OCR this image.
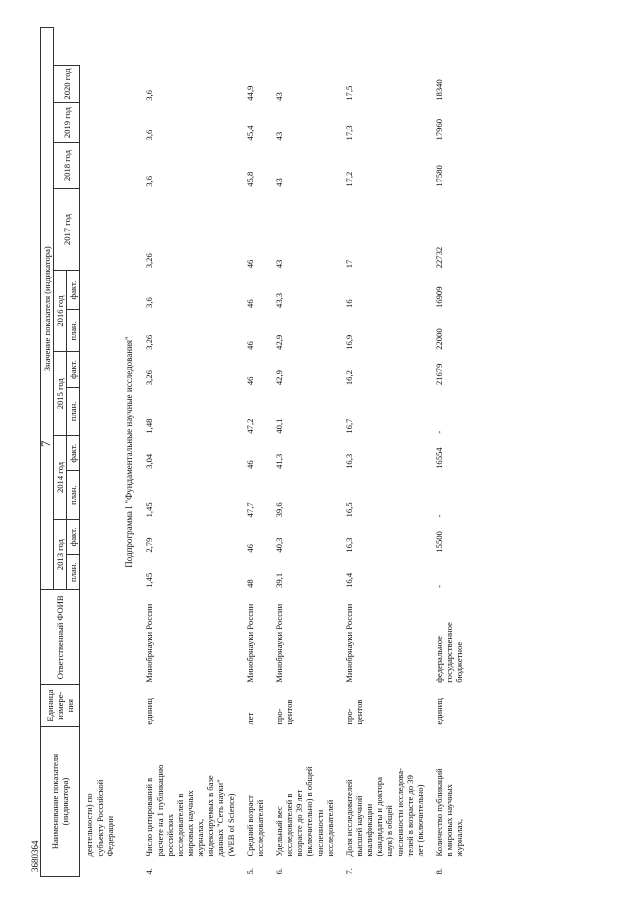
7
3680364
Наименование показателя (индикатора)	Единица измере-ния	Ответственный ФОИВ	Значение показателя (индикатора)											
			2013 год		2014 год		2015 год		2016 год		2017 год	2018 год	2019 год	2020 год
			план.	факт.	план.	факт.	план.	факт.	план.	факт.				
деятельности) по субъекту Российской Федерации														
Подпрограмма I "Фундаментальные научные исследования"														
4.Число цитирований в расчете на 1 публикацию российских исследователей в мировых научных журналах, индексируемых в базе данных "Сеть науки" (WEB of Science)	единиц	Минобрнауки России	1,45	2,79	1,45	3,04	1,48	3,26	3,26	3,6	3,26	3,6	3,6	3,6
5.Средний возраст исследователей	лет	Минобрнауки России	48	46	47,7	46	47,2	46	46	46	46	45,8	45,4	44,9
6.Удельный вес исследователей в возрасте до 39 лет (включительно) в общей численности исследователей	про-центов	Минобрнауки России	39,1	40,3	39,6	41,3	40,1	42,9	42,9	43,3	43	43	43	43
7.Доля исследователей высшей научной квалификации (кандидаты и доктора наук) в общей численности исследова-телей в возрасте до 39 лет (включительно)	про-центов	Минобрнауки России	16,4	16,3	16,5	16,3	16,7	16,2	16,9	16	17	17,2	17,3	17,5
8.Количество публикаций в мировых научных журналах,	единиц	федеральное государственное бюджетное	-	15500	-	16554	-	21679	22000	16909	22732	17580	17960	18340
